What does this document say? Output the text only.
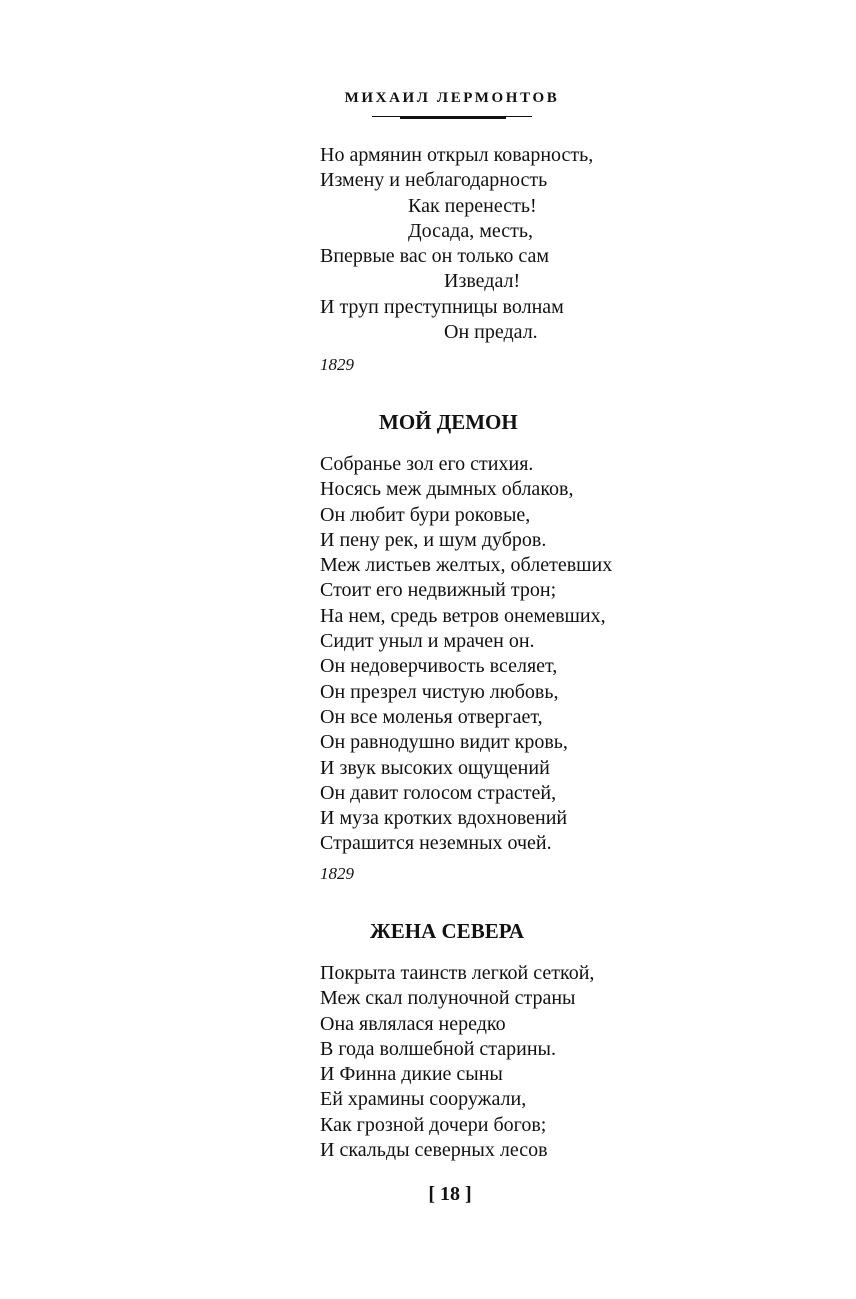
МИХАИЛ ЛЕРМОНТОВ
Но армянин открыл коварность,
Измену и неблагодарность
Как перенесть!
Досада, месть,
Впервые вас он только сам
Изведал!
И труп преступницы волнам
Он предал.
1829
МОЙ ДЕМОН
Собранье зол его стихия.
Носясь меж дымных облаков,
Он любит бури роковые,
И пену рек, и шум дубров.
Меж листьев желтых, облетевших
Стоит его недвижный трон;
На нем, средь ветров онемевших,
Сидит уныл и мрачен он.
Он недоверчивость вселяет,
Он презрел чистую любовь,
Он все моленья отвергает,
Он равнодушно видит кровь,
И звук высоких ощущений
Он давит голосом страстей,
И муза кротких вдохновений
Страшится неземных очей.
1829
ЖЕНА СЕВЕРА
Покрыта таинств легкой сеткой,
Меж скал полуночной страны
Она являлася нередко
В года волшебной старины.
И Финна дикие сыны
Ей храмины сооружали,
Как грозной дочери богов;
И скальды северных лесов
[ 18 ]
